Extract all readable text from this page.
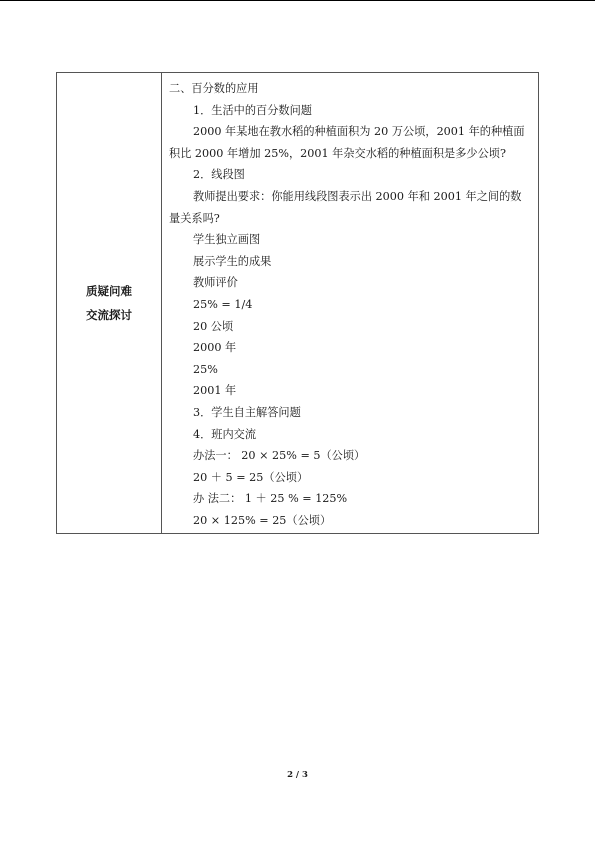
质疑问难
交流探讨
二、百分数的应用
1．生活中的百分数问题
2000 年某地在教水稻的种植面积为 20 万公顷，2001 年的种植面
积比 2000 年增加 25%，2001 年杂交水稻的种植面积是多少公顷?
2．线段图
教师提出要求：你能用线段图表示出 2000 年和 2001 年之间的数
量关系吗?
学生独立画图
展示学生的成果
教师评价
25% = 1/4
20 公顷
2000 年
25%
2001 年
3．学生自主解答问题
4．班内交流
办法一： 20 × 25% = 5（公顷）
20 ＋ 5 = 25（公顷）
办 法二： 1 ＋ 25 % = 125%
20 × 125% = 25（公顷）
2 / 3
